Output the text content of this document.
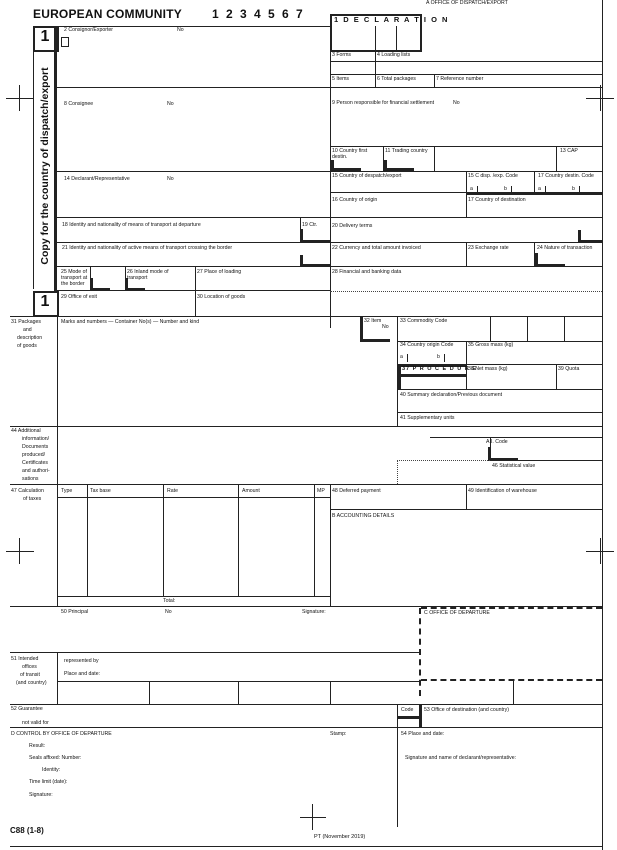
EUROPEAN COMMUNITY	1 2 3 4 5 6 7
A OFFICE OF DISPATCH/EXPORT
1 D E C L A R A T I O N
1
Copy for the country of dispatch/export
1
2 Consignor/Exporter	No
3 Forms	4 Loading lists
5 Items	6 Total packages	7 Reference number
8 Consignee	No	9 Person responsible for financial settlement	No
10 Country first destin.
11 Trading country	13 CAP
14 Declarant/Representative	No	15 Country of despatch/export	15 C disp. /exp. Code	17 Country destin. Code
a	b	a	b
16 Country of origin	17 Country of destination
18 Identity and nationality of means of transport at departure	19 Ctr.	20 Delivery terms
21 Identity and nationality of active means of transport crossing the border	22 Currency and total amount invoiced	23 Exchange rate	24 Nature of transaction
25 Mode of transport at the border
26 Inland mode of transport
27 Place of loading	28 Financial and banking data
29 Office of exit	30 Location of goods
31 Packages
and
description
of goods
Marks and numbers — Container No(s) — Number and kind	32 Item
No
33 Commodity Code
34 Country origin Code
a	b
35 Gross mass (kg)
37 P R O C E D U R E
38 Net mass (kg)	39 Quota
40 Summary declaration/Previous document
41 Supplementary units
44 Additional
information/
Documents
produced/
Certificates
and authori-
sations
A.I. Code
46 Statistical value
47 Calculation
of taxes
Type	Tax base	Rate	Amount	MP
Total:
48 Deferred payment	49 Identification of warehouse
B ACCOUNTING DETAILS
50 Principal	No	Signature:	C OFFICE OF DEPARTURE
51 Intended
offices
of transit
(and country)
represented by
Place and date:
52 Guarantee
not valid for
Code 53 Office of destination (and country)
D CONTROL BY OFFICE OF DEPARTURE	Stamp:
Result:
Seals affixed: Number:
Identity:
Time limit (date):
Signature:
54 Place and date:
Signature and name of declarant/representative:
C88 (1-8)
PT (November 2019)
